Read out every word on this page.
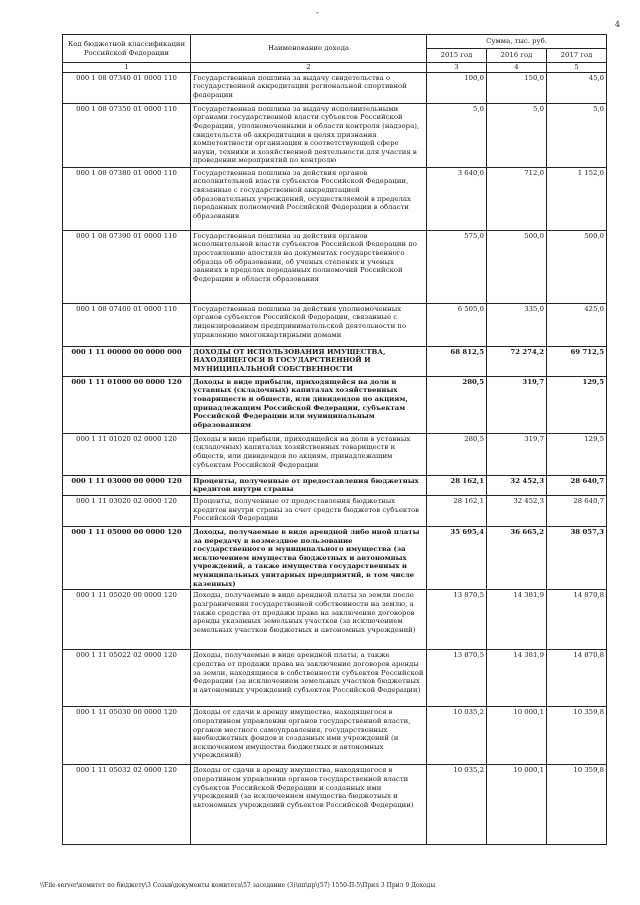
-
4
Код бюджетной классификации Российской Федерации	Наименование дохода	Сумма, тыс. руб.		
		2015 год	2016 год	2017 год
1	2	3	4	5
000 1 08 07340 01 0000 110	Государственная пошлина за выдачу свидетельства о государственной аккредитации региональной спортивной федерации	100,0	150,0	45,0
000 1 08 07350 01 0000 110	Государственная пошлина за выдачу исполнительными органами государственной власти субъектов Российской Федерации, уполномоченными в области контроля (надзора), свидетельств об аккредитации в целях признания компетентности организации в соответствующей сфере науки, техники и хозяйственной деятельности для участия в проведении мероприятий по контролю	5,0	5,0	5,0
000 1 08 07380 01 0000 110	Государственная пошлина за действия органов исполнительной власти субъектов Российской Федерации, связанные с государственной аккредитацией образовательных учреждений, осуществляемой в пределах переданных полномочий Российской Федерации в области образования	3 640,0	712,0	1 152,0
000 1 08 07390 01 0000 110	Государственная пошлина за действия органов исполнительной власти субъектов Российской Федерации по проставлению апостиля на документах государственного образца об образовании, об ученых степенях и ученых званиях в пределах переданных полномочий Российской Федерации в области образования	575,0	500,0	500,0
000 1 08 07400 01 0000 110	Государственная пошлина за действия уполномоченных органов субъектов Российской Федерации, связанные с лицензированием предпринимательской деятельности по управлению многоквартирными домами	6 505,0	335,0	425,0
000 1 11 00000 00 0000 000	ДОХОДЫ ОТ ИСПОЛЬЗОВАНИЯ ИМУЩЕСТВА, НАХОДЯЩЕГОСЯ В ГОСУДАРСТВЕННОЙ И МУНИЦИПАЛЬНОЙ СОБСТВЕННОСТИ	68 812,5	72 274,2	69 712,5
000 1 11 01000 00 0000 120	Доходы в виде прибыли, приходящейся на доли в уставных (складочных) капиталах хозяйственных товариществ и обществ, или дивидендов по акциям, принадлежащим Российской Федерации, субъектам Российской Федерации или муниципальным образованиям	280,5	319,7	129,5
000 1 11 01020 02 0000 120	Доходы в виде прибыли, приходящейся на доли в уставных (складочных) капиталах хозяйственных товариществ и обществ, или дивидендов по акциям, принадлежащим субъектам Российской Федерации	280,5	319,7	129,5
000 1 11 03000 00 0000 120	Проценты, полученные от предоставления бюджетных кредитов внутри страны	28 162,1	32 452,3	28 640,7
000 1 11 03020 02 0000 120	Проценты, полученные от предоставления бюджетных кредитов внутри страны за счет средств бюджетов субъектов Российской Федерации	28 162,1	32 452,3	28 640,7
000 1 11 05000 00 0000 120	Доходы, получаемые в виде арендной либо иной платы за передачу в возмездное пользование государственного и муниципального имущества (за исключением имущества бюджетных и автономных учреждений, а также имущества государственных и муниципальных унитарных предприятий, в том числе казенных)	35 695,4	36 665,2	38 057,3
000 1 11 05020 00 0000 120	Доходы, получаемые в виде арендной платы за земли после разграничения государственной собственности на землю, а также средства от продажи права на заключение договоров аренды указанных земельных участков (за исключением земельных участков бюджетных и автономных учреждений)	13 870,5	14 381,9	14 870,8
000 1 11 05022 02 0000 120	Доходы, получаемые в виде арендной платы, а также средства от продажи права на заключение договоров аренды за земли, находящиеся в собственности субъектов Российской Федерации (за исключением земельных участков бюджетных и автономных учреждений субъектов Российской Федерации)	13 870,5	14 381,9	14 870,8
000 1 11 05030 00 0000 120	Доходы от сдачи в аренду имущества, находящегося в оперативном управлении органов государственной власти, органов местного самоуправления, государственных внебюджетных фондов и созданных ими учреждений (и исключением имущества бюджетных и автономных учреждений)	10 035,2	10 000,1	10 359,8
000 1 11 05032 02 0000 120	Доходы от сдачи в аренду имущества, находящегося в оперативном управлении органов государственной власти субъектов Российской Федерации и созданных ими учреждений (за исключением имущества бюджетных и автономных учреждений субъектов Российской Федерации)	10 035,2	10 000,1	10 359,8
\\File-server\комитет по бюджету\3 Созыв\документы комитета\57 заседание (3)\пп\пр\(57) 1550-П-5\Прил 3 Прил 9 Доходы
